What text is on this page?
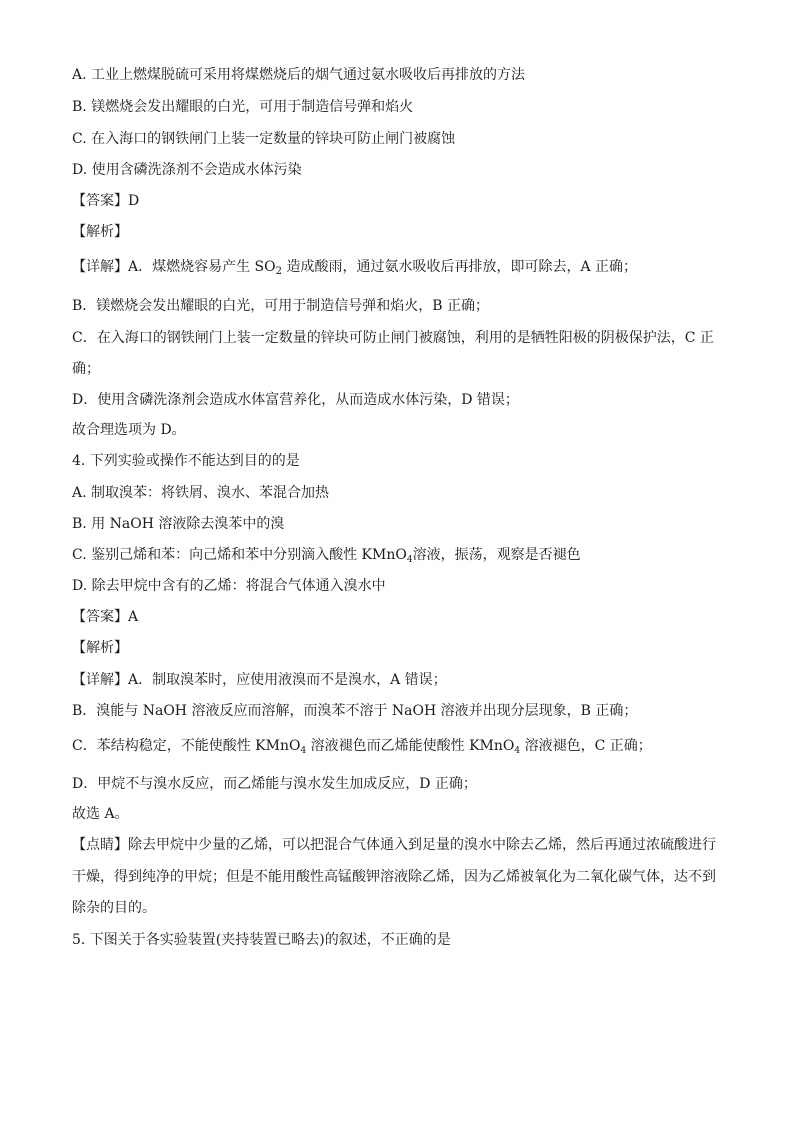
A. 工业上燃煤脱硫可采用将煤燃烧后的烟气通过氨水吸收后再排放的方法
B. 镁燃烧会发出耀眼的白光，可用于制造信号弹和焰火
C. 在入海口的钢铁闸门上装一定数量的锌块可防止闸门被腐蚀
D. 使用含磷洗涤剂不会造成水体污染
【答案】D
【解析】
【详解】A．煤燃烧容易产生 $SO_2$ 造成酸雨，通过氨水吸收后再排放，即可除去，A 正确；
B．镁燃烧会发出耀眼的白光，可用于制造信号弹和焰火，B 正确；
C．在入海口的钢铁闸门上装一定数量的锌块可防止闸门被腐蚀，利用的是牺牲阳极的阴极保护法，C 正
确；
D．使用含磷洗涤剂会造成水体富营养化，从而造成水体污染，D 错误；
故合理选项为 D。
4. 下列实验或操作不能达到目的的是
A. 制取溴苯：将铁屑、溴水、苯混合加热
B. 用 NaOH 溶液除去溴苯中的溴
C. 鉴别己烯和苯：向己烯和苯中分别滴入酸性 KMnO$_4$溶液，振荡，观察是否褪色
D. 除去甲烷中含有的乙烯：将混合气体通入溴水中
【答案】A
【解析】
【详解】A．制取溴苯时，应使用液溴而不是溴水，A 错误；
B．溴能与 NaOH 溶液反应而溶解，而溴苯不溶于 NaOH 溶液并出现分层现象，B 正确；
C．苯结构稳定，不能使酸性 KMnO$_4$ 溶液褪色而乙烯能使酸性 KMnO$_4$ 溶液褪色，C 正确；
D．甲烷不与溴水反应，而乙烯能与溴水发生加成反应，D 正确；
故选 A。
【点睛】除去甲烷中少量的乙烯，可以把混合气体通入到足量的溴水中除去乙烯，然后再通过浓硫酸进行
干燥，得到纯净的甲烷；但是不能用酸性高锰酸钾溶液除乙烯，因为乙烯被氧化为二氧化碳气体，达不到
除杂的目的。
5. 下图关于各实验装置(夹持装置已略去)的叙述，不正确的是
